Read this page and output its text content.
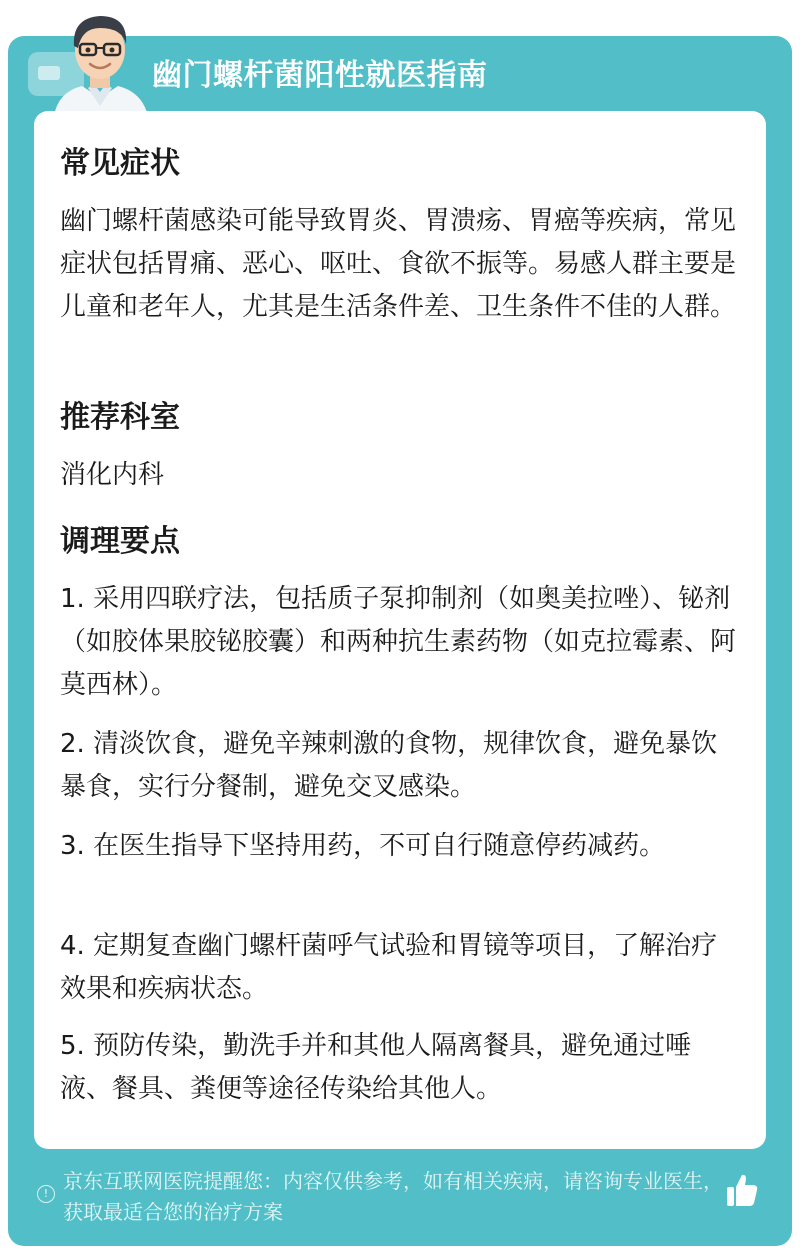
幽门螺杆菌阳性就医指南
常见症状
幽门螺杆菌感染可能导致胃炎、胃溃疡、胃癌等疾病，常见症状包括胃痛、恶心、呕吐、食欲不振等。易感人群主要是儿童和老年人，尤其是生活条件差、卫生条件不佳的人群。
推荐科室
消化内科
调理要点
1. 采用四联疗法，包括质子泵抑制剂（如奥美拉唑）、铋剂（如胶体果胶铋胶囊）和两种抗生素药物（如克拉霉素、阿莫西林）。
2. 清淡饮食，避免辛辣刺激的食物，规律饮食，避免暴饮暴食，实行分餐制，避免交叉感染。
3. 在医生指导下坚持用药，不可自行随意停药减药。
4. 定期复查幽门螺杆菌呼气试验和胃镜等项目，了解治疗效果和疾病状态。
5. 预防传染，勤洗手并和其他人隔离餐具，避免通过唾液、餐具、粪便等途径传染给其他人。
!
京东互联网医院提醒您：内容仅供参考，如有相关疾病，请咨询专业医生，获取最适合您的治疗方案
